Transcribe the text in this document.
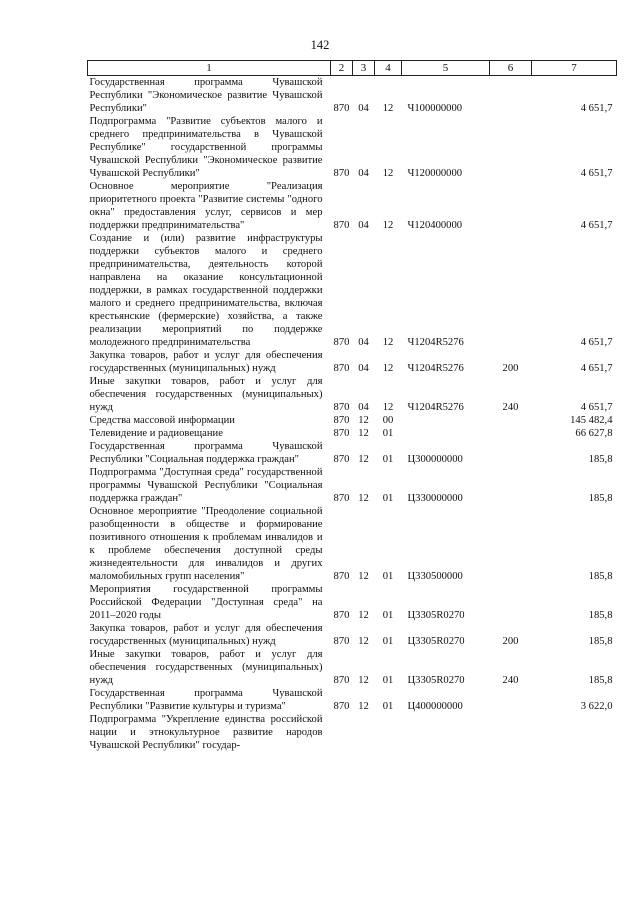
142
1	2	3	4	5	6	7
Государственная программа Чувашской Республики "Экономическое развитие Чувашской Республики"	870	04	12	Ч100000000		4 651,7
Подпрограмма "Развитие субъектов малого и среднего предпринимательства в Чувашской Республике" государственной программы Чувашской Республики "Экономическое развитие Чувашской Республики"	870	04	12	Ч120000000		4 651,7
Основное мероприятие "Реализация приоритетного проекта "Развитие системы "одного окна" предоставления услуг, сервисов и мер поддержки предпринимательства"	870	04	12	Ч120400000		4 651,7
Создание и (или) развитие инфраструктуры поддержки субъектов малого и среднего предпринимательства, деятельность которой направлена на оказание консультационной поддержки, в рамках государственной поддержки малого и среднего предпринимательства, включая крестьянские (фермерские) хозяйства, а также реализации мероприятий по поддержке молодежного предпринимательства	870	04	12	Ч1204R5276		4 651,7
Закупка товаров, работ и услуг для обеспечения государственных (муниципальных) нужд	870	04	12	Ч1204R5276	200	4 651,7
Иные закупки товаров, работ и услуг для обеспечения государственных (муниципальных) нужд	870	04	12	Ч1204R5276	240	4 651,7
Средства массовой информации	870	12	00			145 482,4
Телевидение и радиовещание	870	12	01			66 627,8
Государственная программа Чувашской Республики "Социальная поддержка граждан"	870	12	01	Ц300000000		185,8
Подпрограмма "Доступная среда" государственной программы Чувашской Республики "Социальная поддержка граждан"	870	12	01	Ц330000000		185,8
Основное мероприятие "Преодоление социальной разобщенности в обществе и формирование позитивного отношения к проблемам инвалидов и к проблеме обеспечения доступной среды жизнедеятельности для инвалидов и других маломобильных групп населения"	870	12	01	Ц330500000		185,8
Мероприятия государственной программы Российской Федерации "Доступная среда" на 2011–2020 годы	870	12	01	Ц3305R0270		185,8
Закупка товаров, работ и услуг для обеспечения государственных (муниципальных) нужд	870	12	01	Ц3305R0270	200	185,8
Иные закупки товаров, работ и услуг для обеспечения государственных (муниципальных) нужд	870	12	01	Ц3305R0270	240	185,8
Государственная программа Чувашской Республики "Развитие культуры и туризма"	870	12	01	Ц400000000		3 622,0
Подпрограмма "Укрепление единства российской нации и этнокультурное развитие народов Чувашской Республики" государ-						
